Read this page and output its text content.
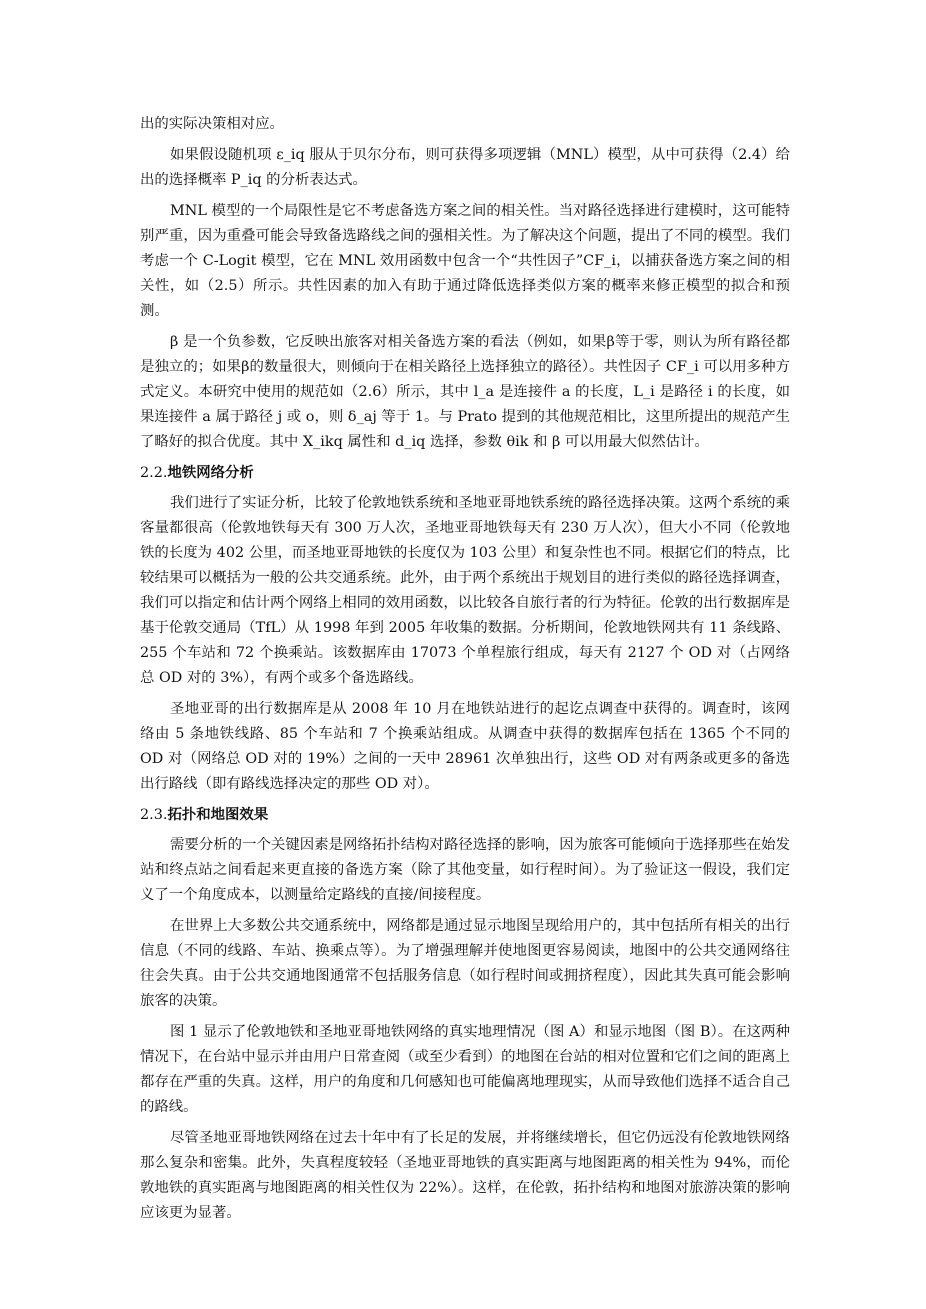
出的实际决策相对应。

如果假设随机项 ε_iq 服从于贝尔分布，则可获得多项逻辑（MNL）模型，从中可获得（2.4）给出的选择概率 P_iq 的分析表达式。

MNL 模型的一个局限性是它不考虑备选方案之间的相关性。当对路径选择进行建模时，这可能特别严重，因为重叠可能会导致备选路线之间的强相关性。为了解决这个问题，提出了不同的模型。我们考虑一个 C-Logit 模型，它在 MNL 效用函数中包含一个“共性因子”CF_i，以捕获备选方案之间的相关性，如（2.5）所示。共性因素的加入有助于通过降低选择类似方案的概率来修正模型的拟合和预测。

β 是一个负参数，它反映出旅客对相关备选方案的看法（例如，如果β等于零，则认为所有路径都是独立的；如果β的数量很大，则倾向于在相关路径上选择独立的路径）。共性因子 CF_i 可以用多种方式定义。本研究中使用的规范如（2.6）所示，其中 l_a 是连接件 a 的长度，L_i 是路径 i 的长度，如果连接件 a 属于路径 j 或 o，则 δ_aj 等于 1。与 Prato 提到的其他规范相比，这里所提出的规范产生了略好的拟合优度。其中 X_ikq 属性和 d_iq 选择，参数 θik 和 β 可以用最大似然估计。

2.2.地铁网络分析

我们进行了实证分析，比较了伦敦地铁系统和圣地亚哥地铁系统的路径选择决策。这两个系统的乘客量都很高（伦敦地铁每天有 300 万人次，圣地亚哥地铁每天有 230 万人次），但大小不同（伦敦地铁的长度为 402 公里，而圣地亚哥地铁的长度仅为 103 公里）和复杂性也不同。根据它们的特点，比较结果可以概括为一般的公共交通系统。此外，由于两个系统出于规划目的进行类似的路径选择调查，我们可以指定和估计两个网络上相同的效用函数，以比较各自旅行者的行为特征。伦敦的出行数据库是基于伦敦交通局（TfL）从 1998 年到 2005 年收集的数据。分析期间，伦敦地铁网共有 11 条线路、255 个车站和 72 个换乘站。该数据库由 17073 个单程旅行组成，每天有 2127 个 OD 对（占网络总 OD 对的 3%），有两个或多个备选路线。

圣地亚哥的出行数据库是从 2008 年 10 月在地铁站进行的起讫点调查中获得的。调查时，该网络由 5 条地铁线路、85 个车站和 7 个换乘站组成。从调查中获得的数据库包括在 1365 个不同的 OD 对（网络总 OD 对的 19%）之间的一天中 28961 次单独出行，这些 OD 对有两条或更多的备选出行路线（即有路线选择决定的那些 OD 对）。

2.3.拓扑和地图效果

需要分析的一个关键因素是网络拓扑结构对路径选择的影响，因为旅客可能倾向于选择那些在始发站和终点站之间看起来更直接的备选方案（除了其他变量，如行程时间）。为了验证这一假设，我们定义了一个角度成本，以测量给定路线的直接/间接程度。

在世界上大多数公共交通系统中，网络都是通过显示地图呈现给用户的，其中包括所有相关的出行信息（不同的线路、车站、换乘点等）。为了增强理解并使地图更容易阅读，地图中的公共交通网络往往会失真。由于公共交通地图通常不包括服务信息（如行程时间或拥挤程度），因此其失真可能会影响旅客的决策。

图 1 显示了伦敦地铁和圣地亚哥地铁网络的真实地理情况（图 A）和显示地图（图 B）。在这两种情况下，在台站中显示并由用户日常查阅（或至少看到）的地图在台站的相对位置和它们之间的距离上都存在严重的失真。这样，用户的角度和几何感知也可能偏离地理现实，从而导致他们选择不适合自己的路线。

尽管圣地亚哥地铁网络在过去十年中有了长足的发展，并将继续增长，但它仍远没有伦敦地铁网络那么复杂和密集。此外，失真程度较轻（圣地亚哥地铁的真实距离与地图距离的相关性为 94%，而伦敦地铁的真实距离与地图距离的相关性仅为 22%）。这样，在伦敦，拓扑结构和地图对旅游决策的影响应该更为显著。
